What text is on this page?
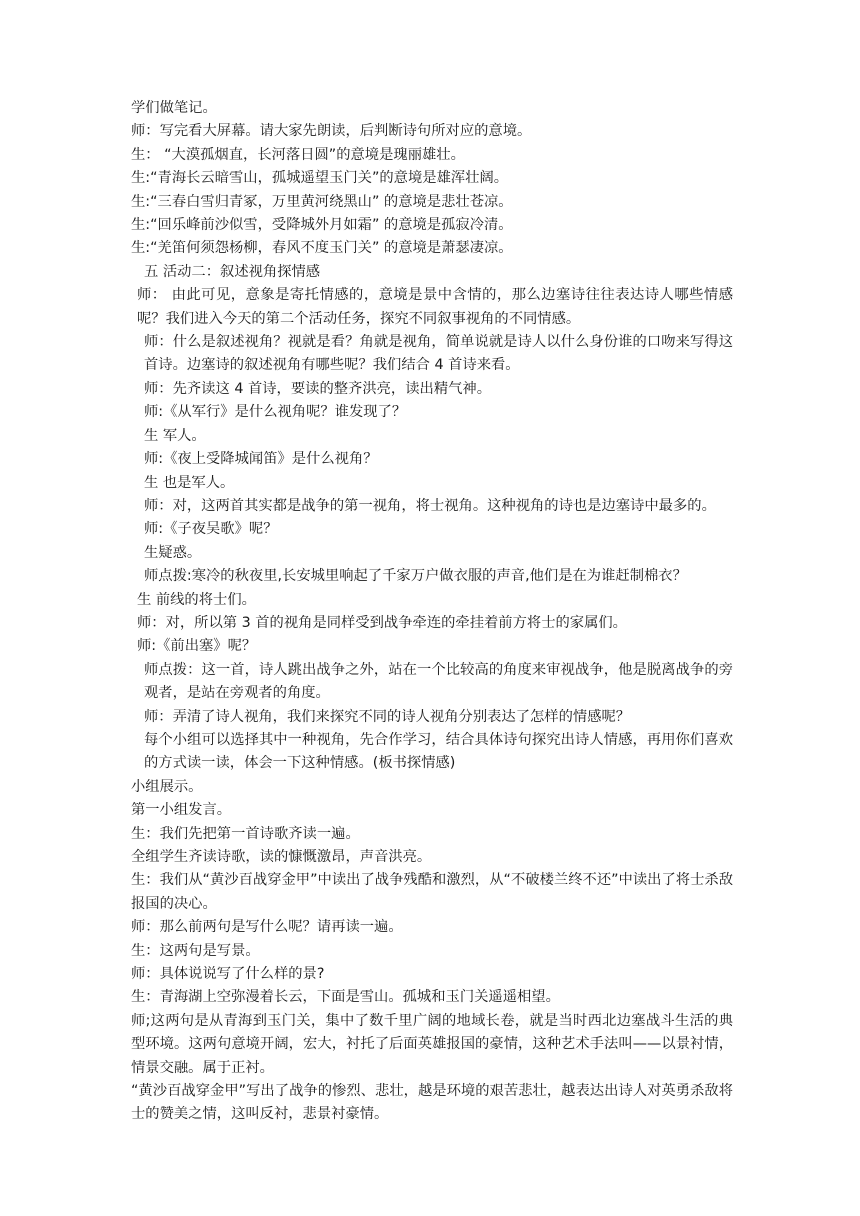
学们做笔记。

师：写完看大屏幕。请大家先朗读，后判断诗句所对应的意境。

生： “大漠孤烟直，长河落日圆”的意境是瑰丽雄壮。

生:“青海长云暗雪山，孤城遥望玉门关”的意境是雄浑壮阔。

生:“三春白雪归青冢，万里黄河绕黑山” 的意境是悲壮苍凉。

生:“回乐峰前沙似雪，受降城外月如霜” 的意境是孤寂冷清。

生:“羌笛何须怨杨柳，春风不度玉门关” 的意境是萧瑟凄凉。

五 活动二：叙述视角探情感

师： 由此可见，意象是寄托情感的，意境是景中含情的，那么边塞诗往往表达诗人哪些情感呢？我们进入今天的第二个活动任务，探究不同叙事视角的不同情感。

师：什么是叙述视角？视就是看？角就是视角，简单说就是诗人以什么身份谁的口吻来写得这首诗。边塞诗的叙述视角有哪些呢？我们结合 4 首诗来看。

师：先齐读这 4 首诗，要读的整齐洪亮，读出精气神。

师:《从军行》是什么视角呢？谁发现了？

生 军人。

师:《夜上受降城闻笛》是什么视角？

生 也是军人。

师：对，这两首其实都是战争的第一视角，将士视角。这种视角的诗也是边塞诗中最多的。

师:《子夜吴歌》呢？

生疑惑。

师点拨:寒冷的秋夜里,长安城里响起了千家万户做衣服的声音,他们是在为谁赶制棉衣？

生 前线的将士们。

师：对，所以第 3 首的视角是同样受到战争牵连的牵挂着前方将士的家属们。

师:《前出塞》呢？

师点拨：这一首，诗人跳出战争之外，站在一个比较高的角度来审视战争，他是脱离战争的旁观者，是站在旁观者的角度。

师：弄清了诗人视角，我们来探究不同的诗人视角分别表达了怎样的情感呢？

每个小组可以选择其中一种视角，先合作学习，结合具体诗句探究出诗人情感，再用你们喜欢的方式读一读，体会一下这种情感。(板书探情感)

小组展示。

第一小组发言。

生：我们先把第一首诗歌齐读一遍。

全组学生齐读诗歌，读的慷慨激昂，声音洪亮。

生：我们从“黄沙百战穿金甲”中读出了战争残酷和激烈，从“不破楼兰终不还”中读出了将士杀敌报国的决心。

师：那么前两句是写什么呢？请再读一遍。

生：这两句是写景。

师：具体说说写了什么样的景?

生：青海湖上空弥漫着长云，下面是雪山。孤城和玉门关遥遥相望。

师;这两句是从青海到玉门关，集中了数千里广阔的地域长卷，就是当时西北边塞战斗生活的典型环境。这两句意境开阔，宏大，衬托了后面英雄报国的豪情，这种艺术手法叫——以景衬情，情景交融。属于正衬。

“黄沙百战穿金甲”写出了战争的惨烈、悲壮，越是环境的艰苦悲壮，越表达出诗人对英勇杀敌将士的赞美之情，这叫反衬，悲景衬豪情。
